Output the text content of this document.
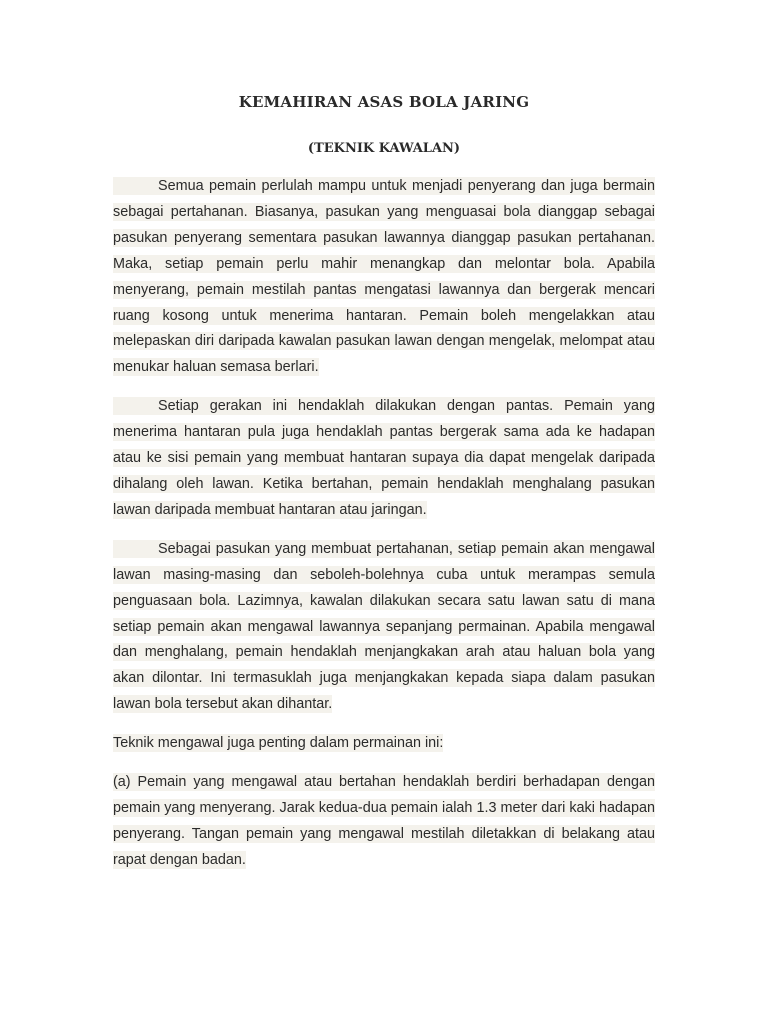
KEMAHIRAN ASAS BOLA JARING
(TEKNIK KAWALAN)

Semua pemain perlulah mampu untuk menjadi penyerang dan juga bermain sebagai pertahanan. Biasanya, pasukan yang menguasai bola dianggap sebagai pasukan penyerang sementara pasukan lawannya dianggap pasukan pertahanan. Maka, setiap pemain perlu mahir menangkap dan melontar bola. Apabila menyerang, pemain mestilah pantas mengatasi lawannya dan bergerak mencari ruang kosong untuk menerima hantaran. Pemain boleh mengelakkan atau melepaskan diri daripada kawalan pasukan lawan dengan mengelak, melompat atau menukar haluan semasa berlari.

Setiap gerakan ini hendaklah dilakukan dengan pantas. Pemain yang menerima hantaran pula juga hendaklah pantas bergerak sama ada ke hadapan atau ke sisi pemain yang membuat hantaran supaya dia dapat mengelak daripada dihalang oleh lawan. Ketika bertahan, pemain hendaklah menghalang pasukan lawan daripada membuat hantaran atau jaringan.

Sebagai pasukan yang membuat pertahanan, setiap pemain akan mengawal lawan masing-masing dan seboleh-bolehnya cuba untuk merampas semula penguasaan bola. Lazimnya, kawalan dilakukan secara satu lawan satu di mana setiap pemain akan mengawal lawannya sepanjang permainan. Apabila mengawal dan menghalang, pemain hendaklah menjangkakan arah atau haluan bola yang akan dilontar. Ini termasuklah juga menjangkakan kepada siapa dalam pasukan lawan bola tersebut akan dihantar.

Teknik mengawal juga penting dalam permainan ini:

(a) Pemain yang mengawal atau bertahan hendaklah berdiri berhadapan dengan pemain yang menyerang. Jarak kedua-dua pemain ialah 1.3 meter dari kaki hadapan penyerang. Tangan pemain yang mengawal mestilah diletakkan di belakang atau rapat dengan badan.
